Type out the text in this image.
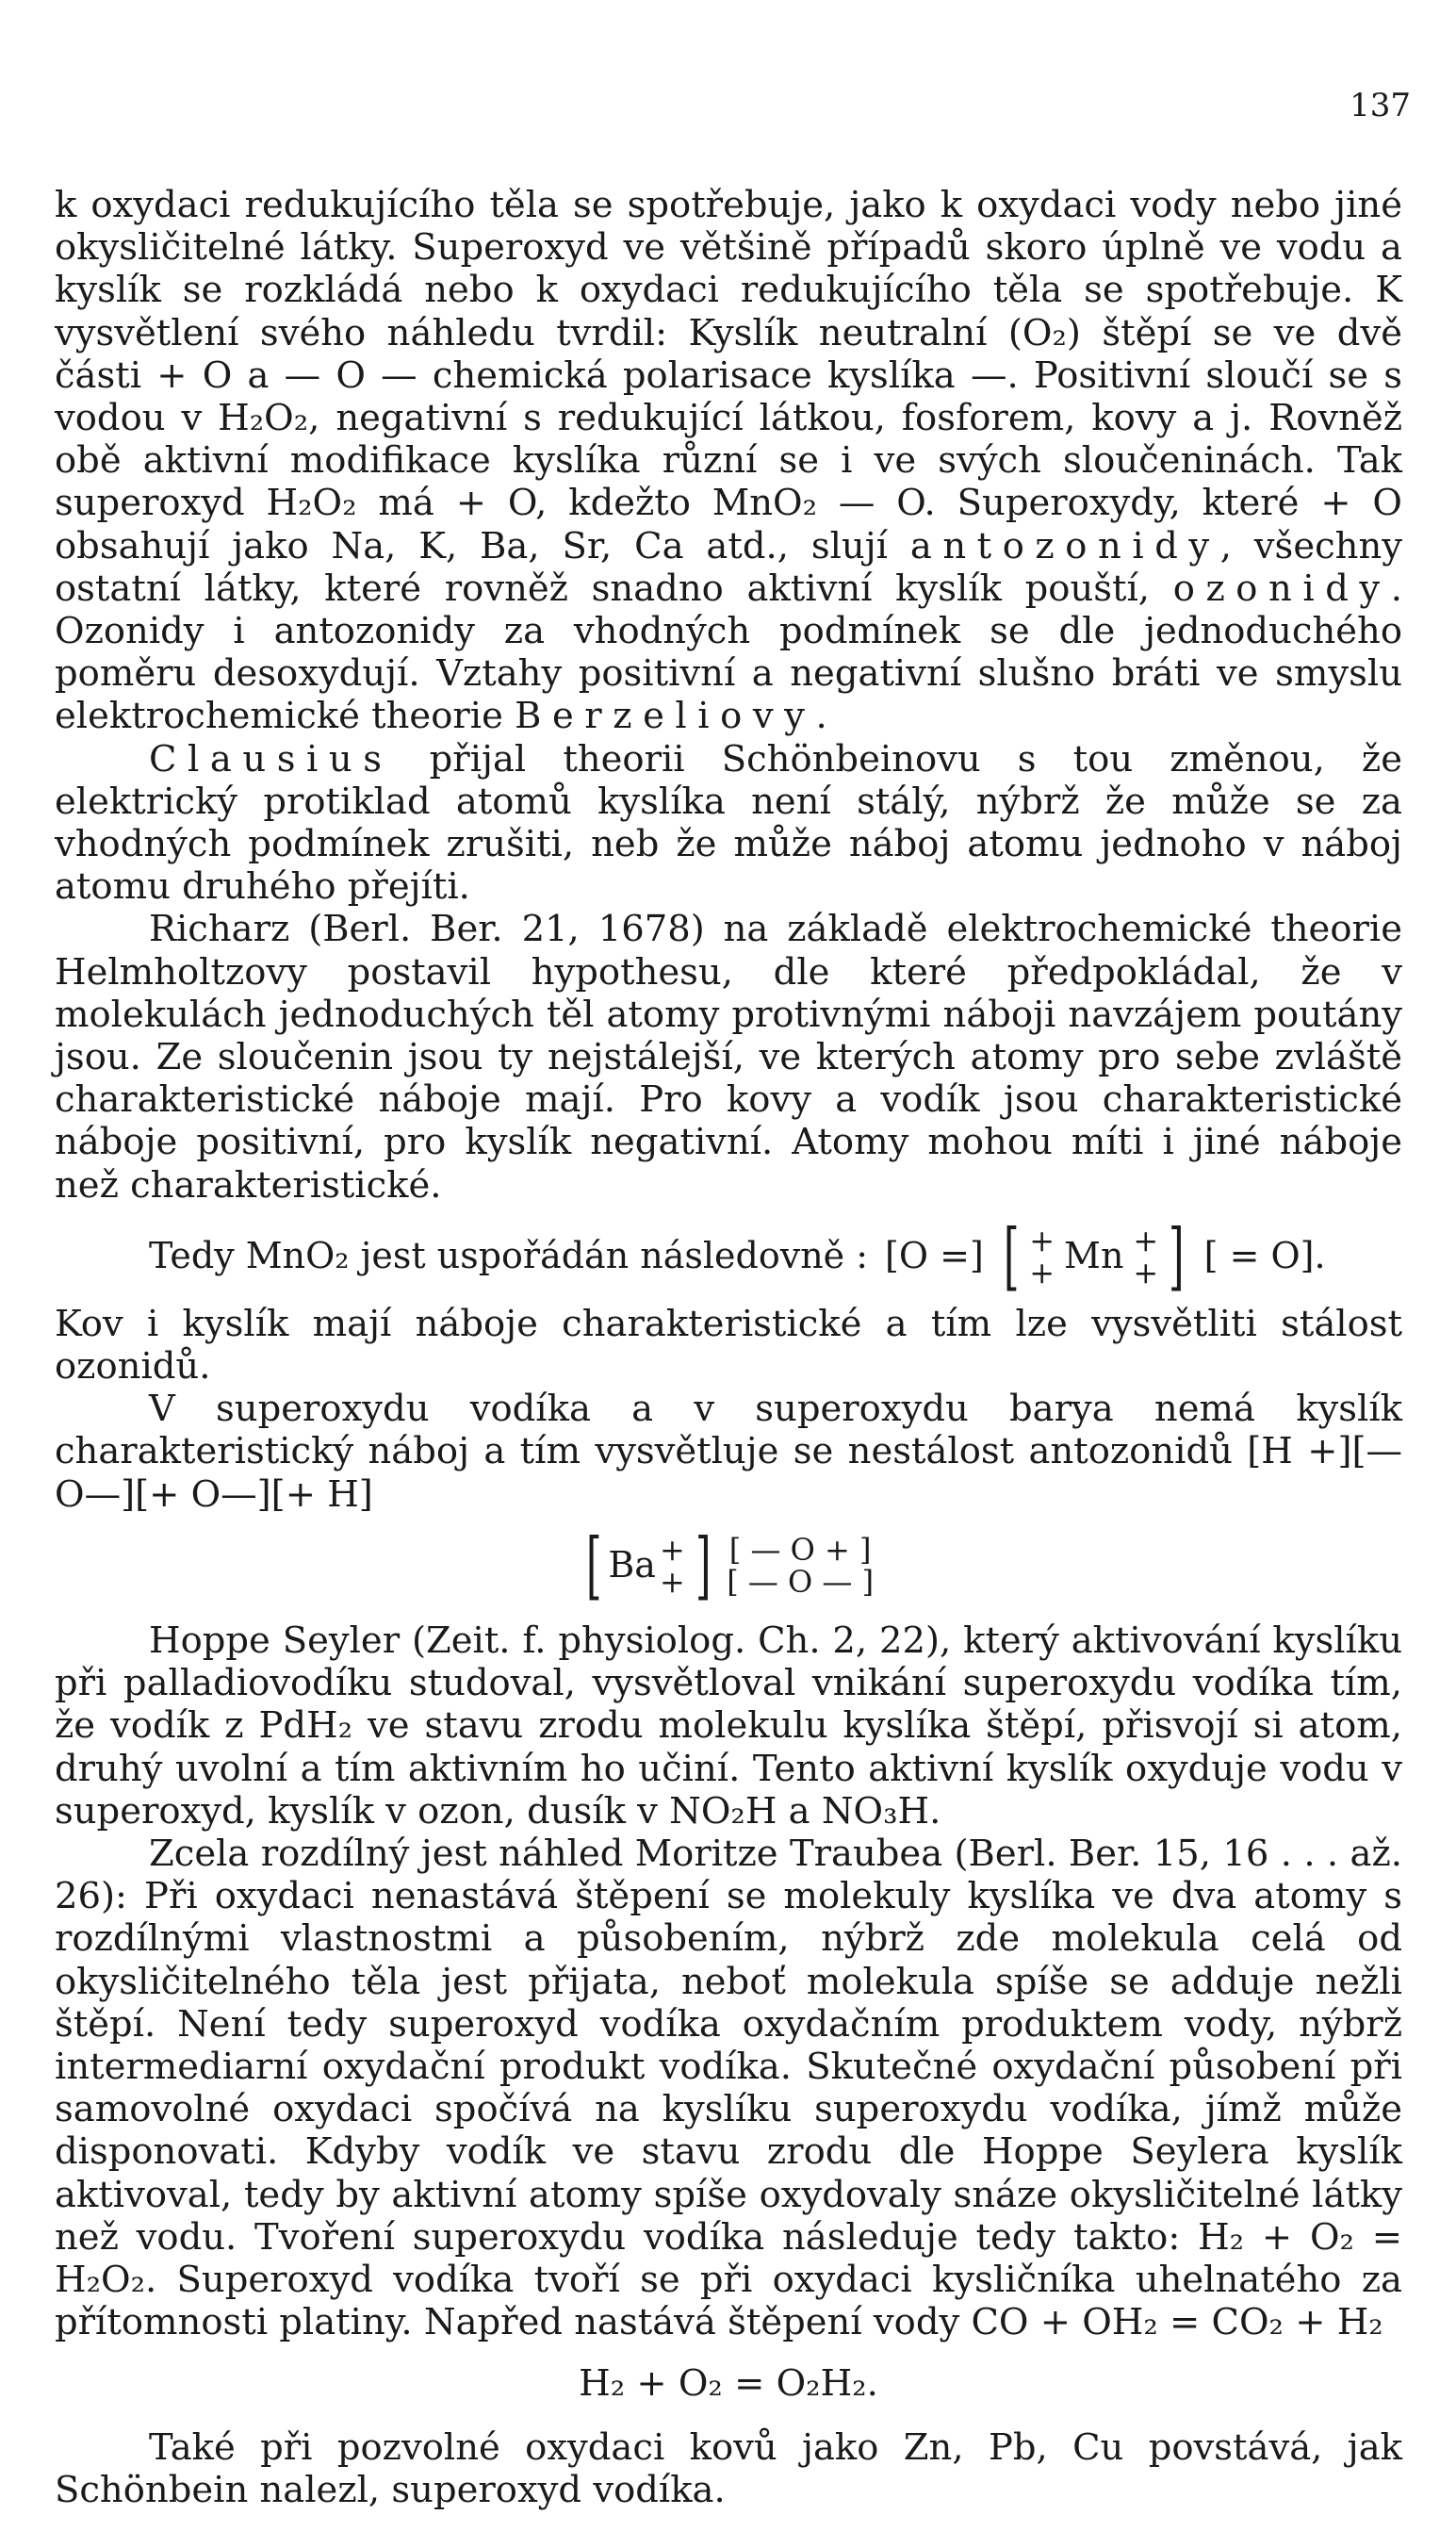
137

k oxydaci redukujícího těla se spotřebuje, jako k oxydaci vody nebo jiné okysličitelné látky. Superoxyd ve většině případů skoro úplně ve vodu a kyslík se rozkládá nebo k oxydaci redukujícího těla se spotřebuje. K vysvětlení svého náhledu tvrdil: Kyslík neutralní (O₂) štěpí se ve dvě části + O a — O — chemická polarisace kyslíka —. Positivní sloučí se s vodou v H₂O₂, negativní s redukující látkou, fosforem, kovy a j. Rovněž obě aktivní modifikace kyslíka různí se i ve svých sloučeninách. Tak superoxyd H₂O₂ má + O, kdežto MnO₂ — O. Superoxydy, které + O obsahují jako Na, K, Ba, Sr, Ca atd., slují antozonidy, všechny ostatní látky, které rovněž snadno aktivní kyslík pouští, ozonidy. Ozonidy i antozonidy za vhodných podmínek se dle jednoduchého poměru desoxydují. Vztahy positivní a negativní slušno bráti ve smyslu elektrochemické theorie Berzeliovy.

Clausius přijal theorii Schönbeinovu s tou změnou, že elektrický protiklad atomů kyslíka není stálý, nýbrž že může se za vhodných podmínek zrušiti, neb že může náboj atomu jednoho v náboj atomu druhého přejíti.

Richarz (Berl. Ber. 21, 1678) na základě elektrochemické theorie Helmholtzovy postavil hypothesu, dle které předpokládal, že v molekulách jednoduchých těl atomy protivnými náboji navzájem poutány jsou. Ze sloučenin jsou ty nejstálejší, ve kterých atomy pro sebe zvláště charakteristické náboje mají. Pro kovy a vodík jsou charakteristické náboje positivní, pro kyslík negativní. Atomy mohou míti i jiné náboje než charakteristické.

Tedy MnO₂ jest uspořádán následovně : [O =] [ +
+ Mn +
+ ] [ = O].

Kov i kyslík mají náboje charakteristické a tím lze vysvětliti stálost ozonidů.

V superoxydu vodíka a v superoxydu barya nemá kyslík charakteristický náboj a tím vysvětluje se nestálost antozonidů [H +][— O—][+ O—][+ H]

[ Ba +
+ ] [ — O + ]
[ — O — ]

Hoppe Seyler (Zeit. f. physiolog. Ch. 2, 22), který aktivování kyslíku při palladiovodíku studoval, vysvětloval vnikání superoxydu vodíka tím, že vodík z PdH₂ ve stavu zrodu molekulu kyslíka štěpí, přisvojí si atom, druhý uvolní a tím aktivním ho učiní. Tento aktivní kyslík oxyduje vodu v superoxyd, kyslík v ozon, dusík v NO₂H a NO₃H.

Zcela rozdílný jest náhled Moritze Traubea (Berl. Ber. 15, 16 . . . až. 26): Při oxydaci nenastává štěpení se molekuly kyslíka ve dva atomy s rozdílnými vlastnostmi a působením, nýbrž zde molekula celá od okysličitelného těla jest přijata, neboť molekula spíše se adduje nežli štěpí. Není tedy superoxyd vodíka oxydačním produktem vody, nýbrž intermediarní oxydační produkt vodíka. Skutečné oxydační působení při samovolné oxydaci spočívá na kyslíku superoxydu vodíka, jímž může disponovati. Kdyby vodík ve stavu zrodu dle Hoppe Seylera kyslík aktivoval, tedy by aktivní atomy spíše oxydovaly snáze okysličitelné látky než vodu. Tvoření superoxydu vodíka následuje tedy takto: H₂ + O₂ = H₂O₂. Superoxyd vodíka tvoří se při oxydaci kysličníka uhelnatého za přítomnosti platiny. Napřed nastává štěpení vody CO + OH₂ = CO₂ + H₂

H₂ + O₂ = O₂H₂.

Také při pozvolné oxydaci kovů jako Zn, Pb, Cu povstává, jak Schönbein nalezl, superoxyd vodíka.
